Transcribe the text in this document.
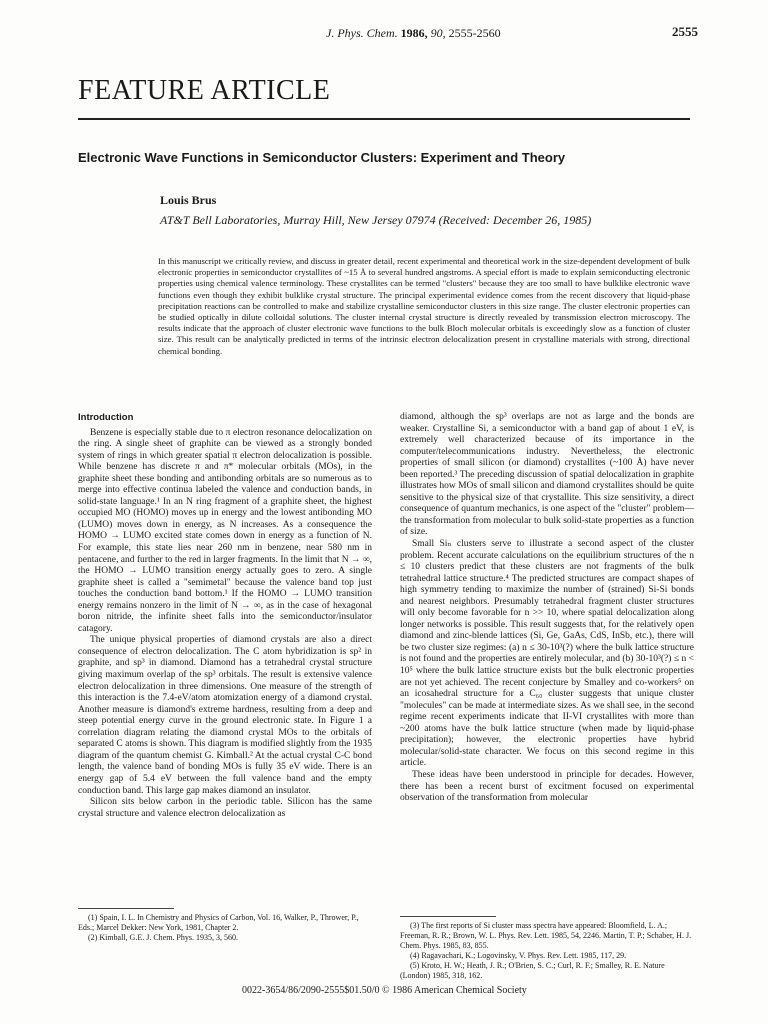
J. Phys. Chem. 1986, 90, 2555-2560	2555
FEATURE ARTICLE
Electronic Wave Functions in Semiconductor Clusters: Experiment and Theory
Louis Brus
AT&T Bell Laboratories, Murray Hill, New Jersey 07974 (Received: December 26, 1985)

In this manuscript we critically review, and discuss in greater detail, recent experimental and theoretical work in the size-dependent development of bulk electronic properties in semiconductor crystallites of ~15 Å to several hundred angstroms. A special effort is made to explain semiconducting electronic properties using chemical valence terminology. These crystallites can be termed "clusters" because they are too small to have bulklike electronic wave functions even though they exhibit bulklike crystal structure. The principal experimental evidence comes from the recent discovery that liquid-phase precipitation reactions can be controlled to make and stabilize crystalline semiconductor clusters in this size range. The cluster electronic properties can be studied optically in dilute colloidal solutions. The cluster internal crystal structure is directly revealed by transmission electron microscopy. The results indicate that the approach of cluster electronic wave functions to the bulk Bloch molecular orbitals is exceedingly slow as a function of cluster size. This result can be analytically predicted in terms of the intrinsic electron delocalization present in crystalline materials with strong, directional chemical bonding.

Introduction

Benzene is especially stable due to π electron resonance delocalization on the ring. A single sheet of graphite can be viewed as a strongly bonded system of rings in which greater spatial π electron delocalization is possible. While benzene has discrete π and π* molecular orbitals (MOs), in the graphite sheet these bonding and antibonding orbitals are so numerous as to merge into effective continua labeled the valence and conduction bands, in solid-state language.¹ In an N ring fragment of a graphite sheet, the highest occupied MO (HOMO) moves up in energy and the lowest antibonding MO (LUMO) moves down in energy, as N increases. As a consequence the HOMO → LUMO excited state comes down in energy as a function of N. For example, this state lies near 260 nm in benzene, near 580 nm in pentacene, and further to the red in larger fragments. In the limit that N → ∞, the HOMO → LUMO transition energy actually goes to zero. A single graphite sheet is called a "semimetal" because the valence band top just touches the conduction band bottom.¹ If the HOMO → LUMO transition energy remains nonzero in the limit of N → ∞, as in the case of hexagonal boron nitride, the infinite sheet falls into the semiconductor/insulator catagory.

The unique physical properties of diamond crystals are also a direct consequence of electron delocalization. The C atom hybridization is sp² in graphite, and sp³ in diamond. Diamond has a tetrahedral crystal structure giving maximum overlap of the sp³ orbitals. The result is extensive valence electron delocalization in three dimensions. One measure of the strength of this interaction is the 7.4-eV/atom atomization energy of a diamond crystal. Another measure is diamond's extreme hardness, resulting from a deep and steep potential energy curve in the ground electronic state. In Figure 1 a correlation diagram relating the diamond crystal MOs to the orbitals of separated C atoms is shown. This diagram is modified slightly from the 1935 diagram of the quantum chemist G. Kimball.² At the actual crystal C-C bond length, the valence band of bonding MOs is fully 35 eV wide. There is an energy gap of 5.4 eV between the full valence band and the empty conduction band. This large gap makes diamond an insulator.

Silicon sits below carbon in the periodic table. Silicon has the same crystal structure and valence electron delocalization as

diamond, although the sp³ overlaps are not as large and the bonds are weaker. Crystalline Si, a semiconductor with a band gap of about 1 eV, is extremely well characterized because of its importance in the computer/telecommunications industry. Nevertheless, the electronic properties of small silicon (or diamond) crystallites (~100 Å) have never been reported.³ The preceding discussion of spatial delocalization in graphite illustrates how MOs of small silicon and diamond crystallites should be quite sensitive to the physical size of that crystallite. This size sensitivity, a direct consequence of quantum mechanics, is one aspect of the "cluster" problem—the transformation from molecular to bulk solid-state properties as a function of size.

Small Siₙ clusters serve to illustrate a second aspect of the cluster problem. Recent accurate calculations on the equilibrium structures of the n ≤ 10 clusters predict that these clusters are not fragments of the bulk tetrahedral lattice structure.⁴ The predicted structures are compact shapes of high symmetry tending to maximize the number of (strained) Si-Si bonds and nearest neighbors. Presumably tetrahedral fragment cluster structures will only become favorable for n >> 10, where spatial delocalization along longer networks is possible. This result suggests that, for the relatively open diamond and zinc-blende lattices (Si, Ge, GaAs, CdS, InSb, etc.), there will be two cluster size regimes: (a) n ≤ 30-10³(?) where the bulk lattice structure is not found and the properties are entirely molecular, and (b) 30-10³(?) ≤ n < 10⁵ where the bulk lattice structure exists but the bulk electronic properties are not yet achieved. The recent conjecture by Smalley and co-workers⁵ on an icosahedral structure for a C₆₀ cluster suggests that unique cluster "molecules" can be made at intermediate sizes. As we shall see, in the second regime recent experiments indicate that II-VI crystallites with more than ~200 atoms have the bulk lattice structure (when made by liquid-phase precipitation); however, the electronic properties have hybrid molecular/solid-state character. We focus on this second regime in this article.

These ideas have been understood in principle for decades. However, there has been a recent burst of excitment focused on experimental observation of the transformation from molecular

(1) Spain, I. L. In Chemistry and Physics of Carbon, Vol. 16, Walker, P., Thrower, P., Eds.; Marcel Dekker: New York, 1981, Chapter 2.

(2) Kimball, G.E. J. Chem. Phys. 1935, 3, 560.

(3) The first reports of Si cluster mass spectra have appeared: Bloomfield, L. A.; Freeman, R. R.; Brown, W. L. Phys. Rev. Lett. 1985, 54, 2246. Martin, T. P.; Schaber, H. J. Chem. Phys. 1985, 83, 855.

(4) Ragavachari, K.; Logovinsky, V. Phys. Rev. Lett. 1985, 117, 29.

(5) Kroto, H. W.; Heath, J. R.; O'Brien, S. C.; Curl, R. F.; Smalley, R. E. Nature (London) 1985, 318, 162.

0022-3654/86/2090-2555$01.50/0 © 1986 American Chemical Society
